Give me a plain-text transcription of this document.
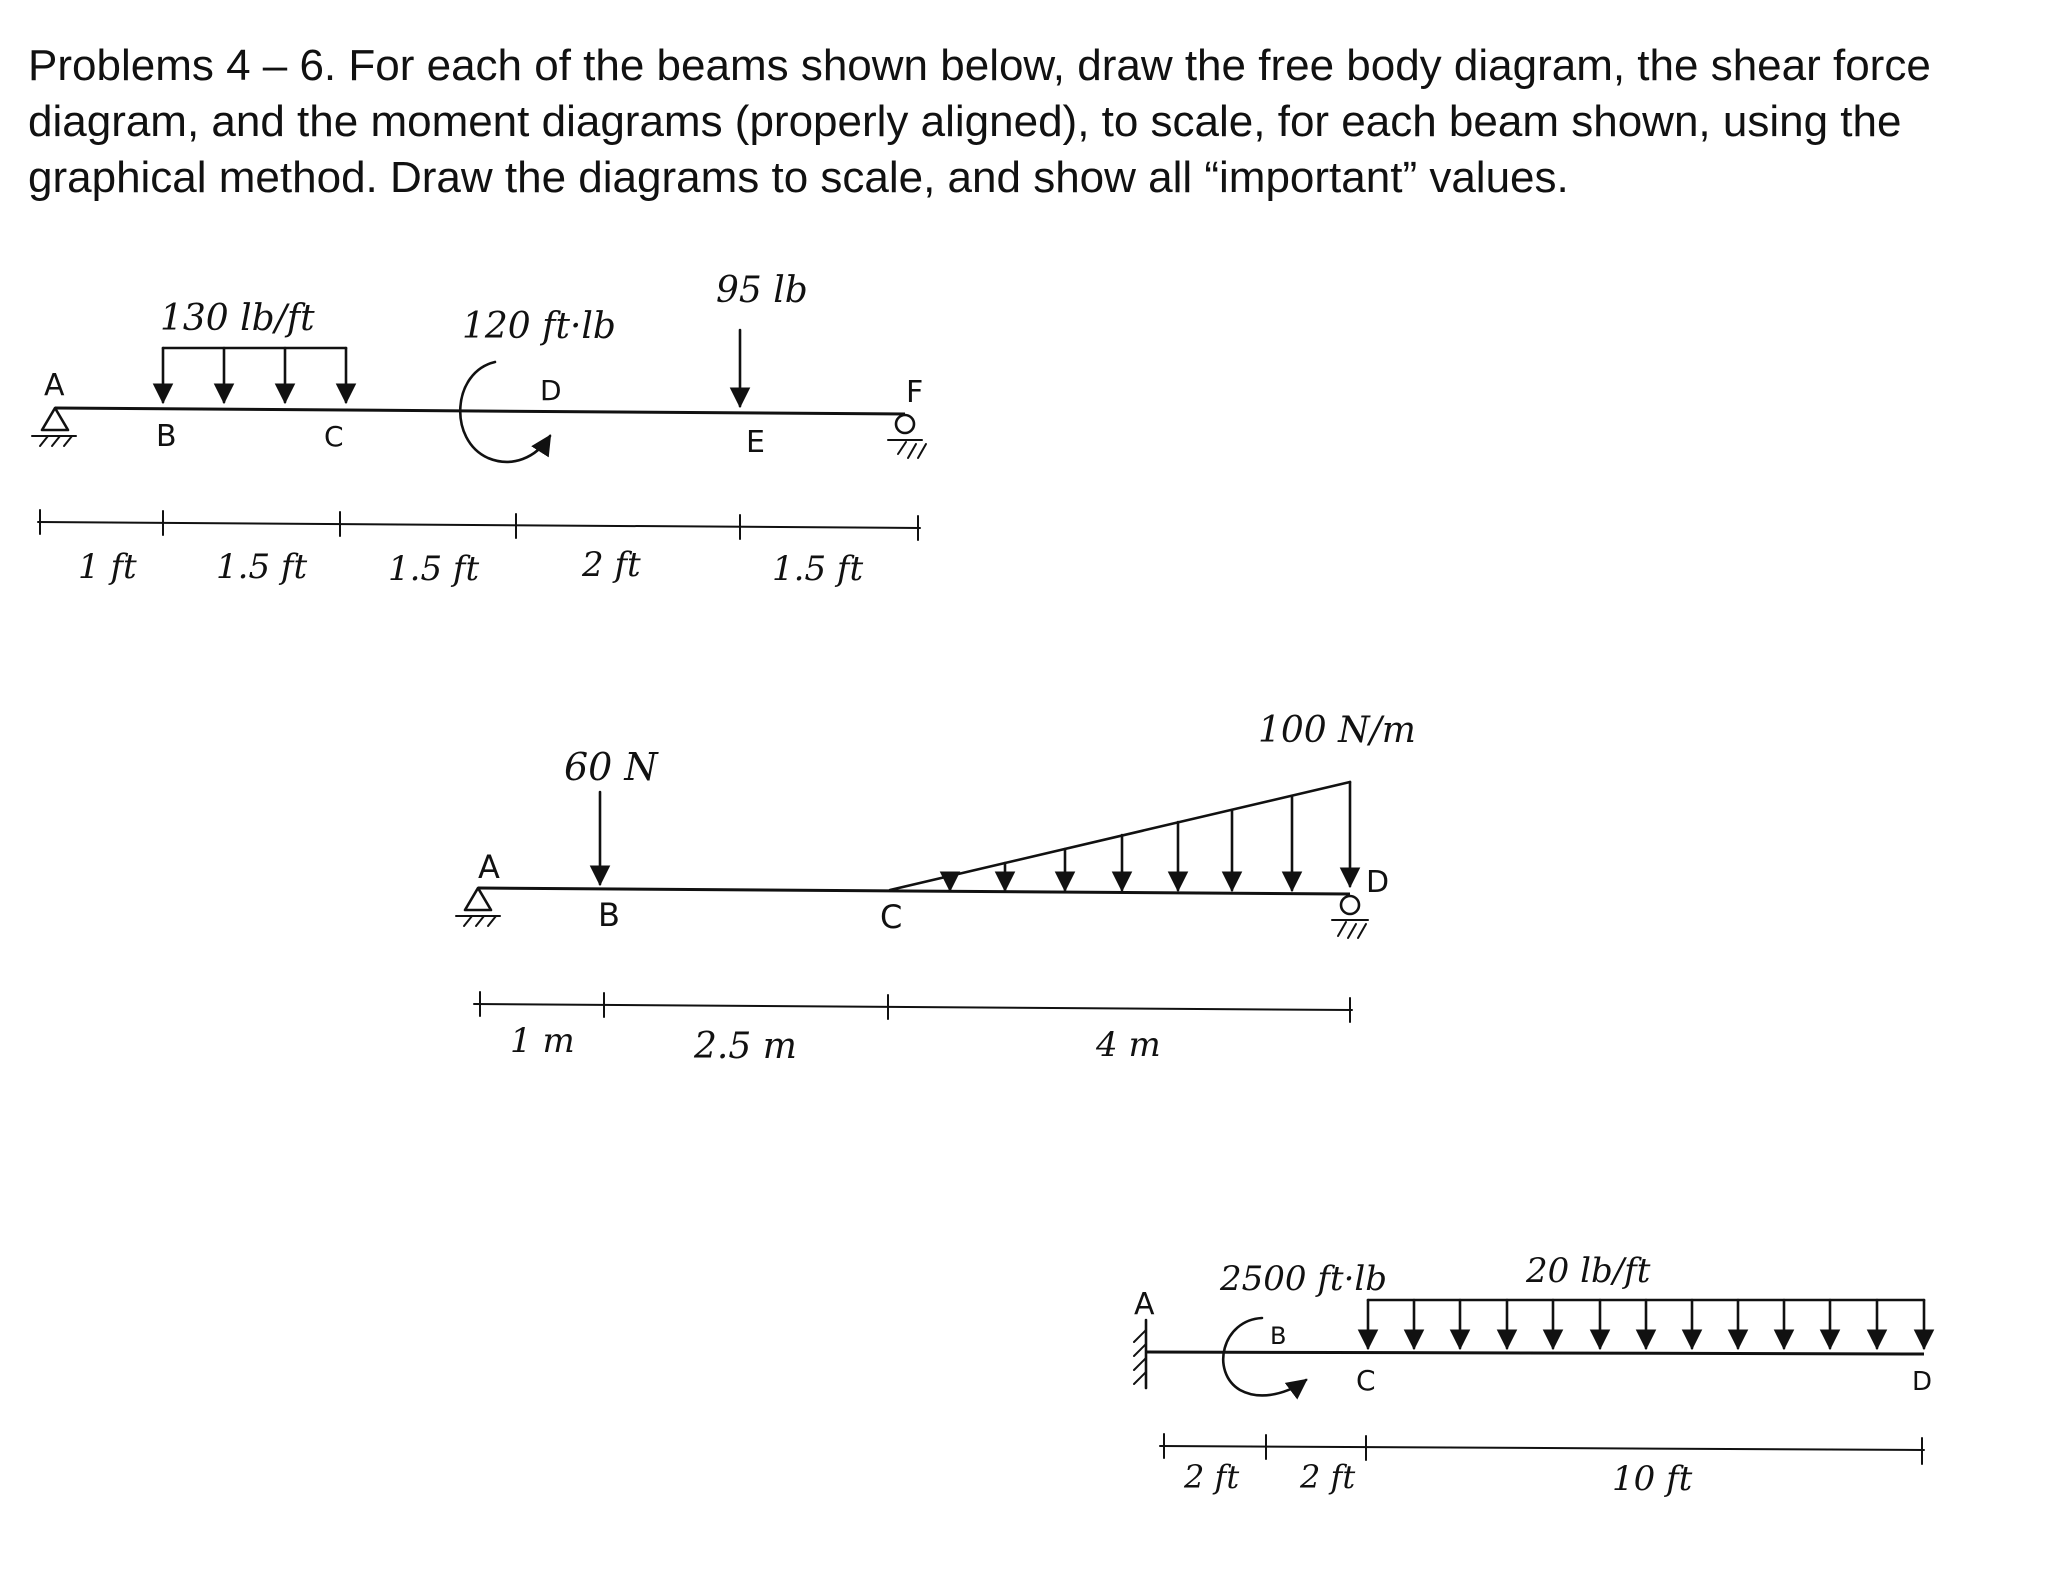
Problems 4 – 6. For each of the beams shown below, draw the free body diagram, the shear force

diagram, and the moment diagrams (properly aligned), to scale, for each beam shown, using the

graphical method. Draw the diagrams to scale, and show all “important” values.

130 lb/ft	120 ft·lb
95 lb
A
B	C
D
E
F
1 ft 1.5 ft 1.5 ft	2 ft	1.5 ft
60 N
100 N/m
A
B	C
D
1 m	2.5 m	4 m
2500 ft·lb	20 lb/ft
A
B
C	D
2 ft 2 ft	10 ft
